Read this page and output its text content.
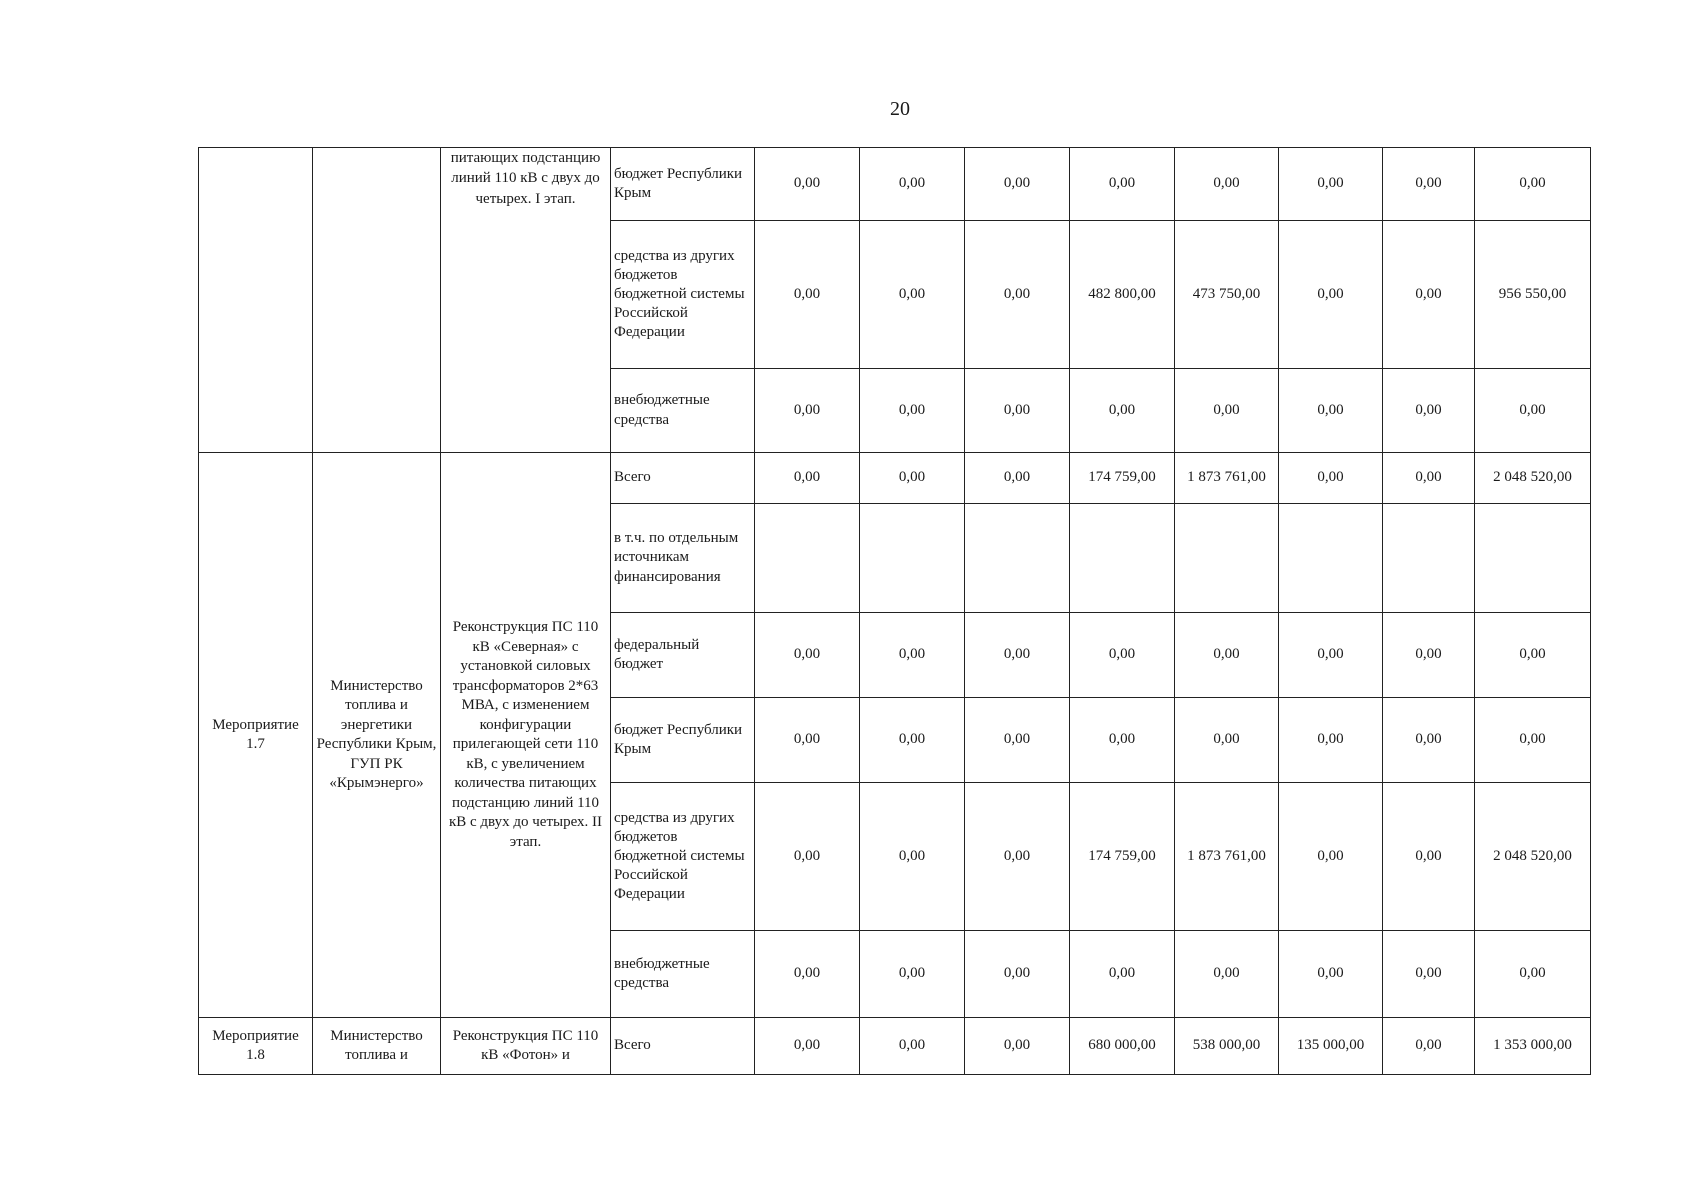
20
		питающих подстанцию линий 110 кВ с двух до четырех. I этап.	бюджет Республики Крым	0,00	0,00	0,00	0,00	0,00	0,00	0,00	0,00
			средства из других бюджетов бюджетной системы Российской Федерации	0,00	0,00	0,00	482 800,00	473 750,00	0,00	0,00	956 550,00
			внебюджетные средства	0,00	0,00	0,00	0,00	0,00	0,00	0,00	0,00
Мероприятие 1.7	Министерство топлива и энергетики Республики Крым, ГУП РК «Крымэнерго»	Реконструкция ПС 110 кВ «Северная» с установкой силовых трансформаторов 2*63 МВА, с изменением конфигурации прилегающей сети 110 кВ, с увеличением количества питающих подстанцию линий 110 кВ с двух до четырех. II этап.	Всего	0,00	0,00	0,00	174 759,00	1 873 761,00	0,00	0,00	2 048 520,00
			в т.ч. по отдельным источникам финансирования								
			федеральный бюджет	0,00	0,00	0,00	0,00	0,00	0,00	0,00	0,00
			бюджет Республики Крым	0,00	0,00	0,00	0,00	0,00	0,00	0,00	0,00
			средства из других бюджетов бюджетной системы Российской Федерации	0,00	0,00	0,00	174 759,00	1 873 761,00	0,00	0,00	2 048 520,00
			внебюджетные средства	0,00	0,00	0,00	0,00	0,00	0,00	0,00	0,00
Мероприятие 1.8	Министерство топлива и	Реконструкция ПС 110 кВ «Фотон» и	Всего	0,00	0,00	0,00	680 000,00	538 000,00	135 000,00	0,00	1 353 000,00
